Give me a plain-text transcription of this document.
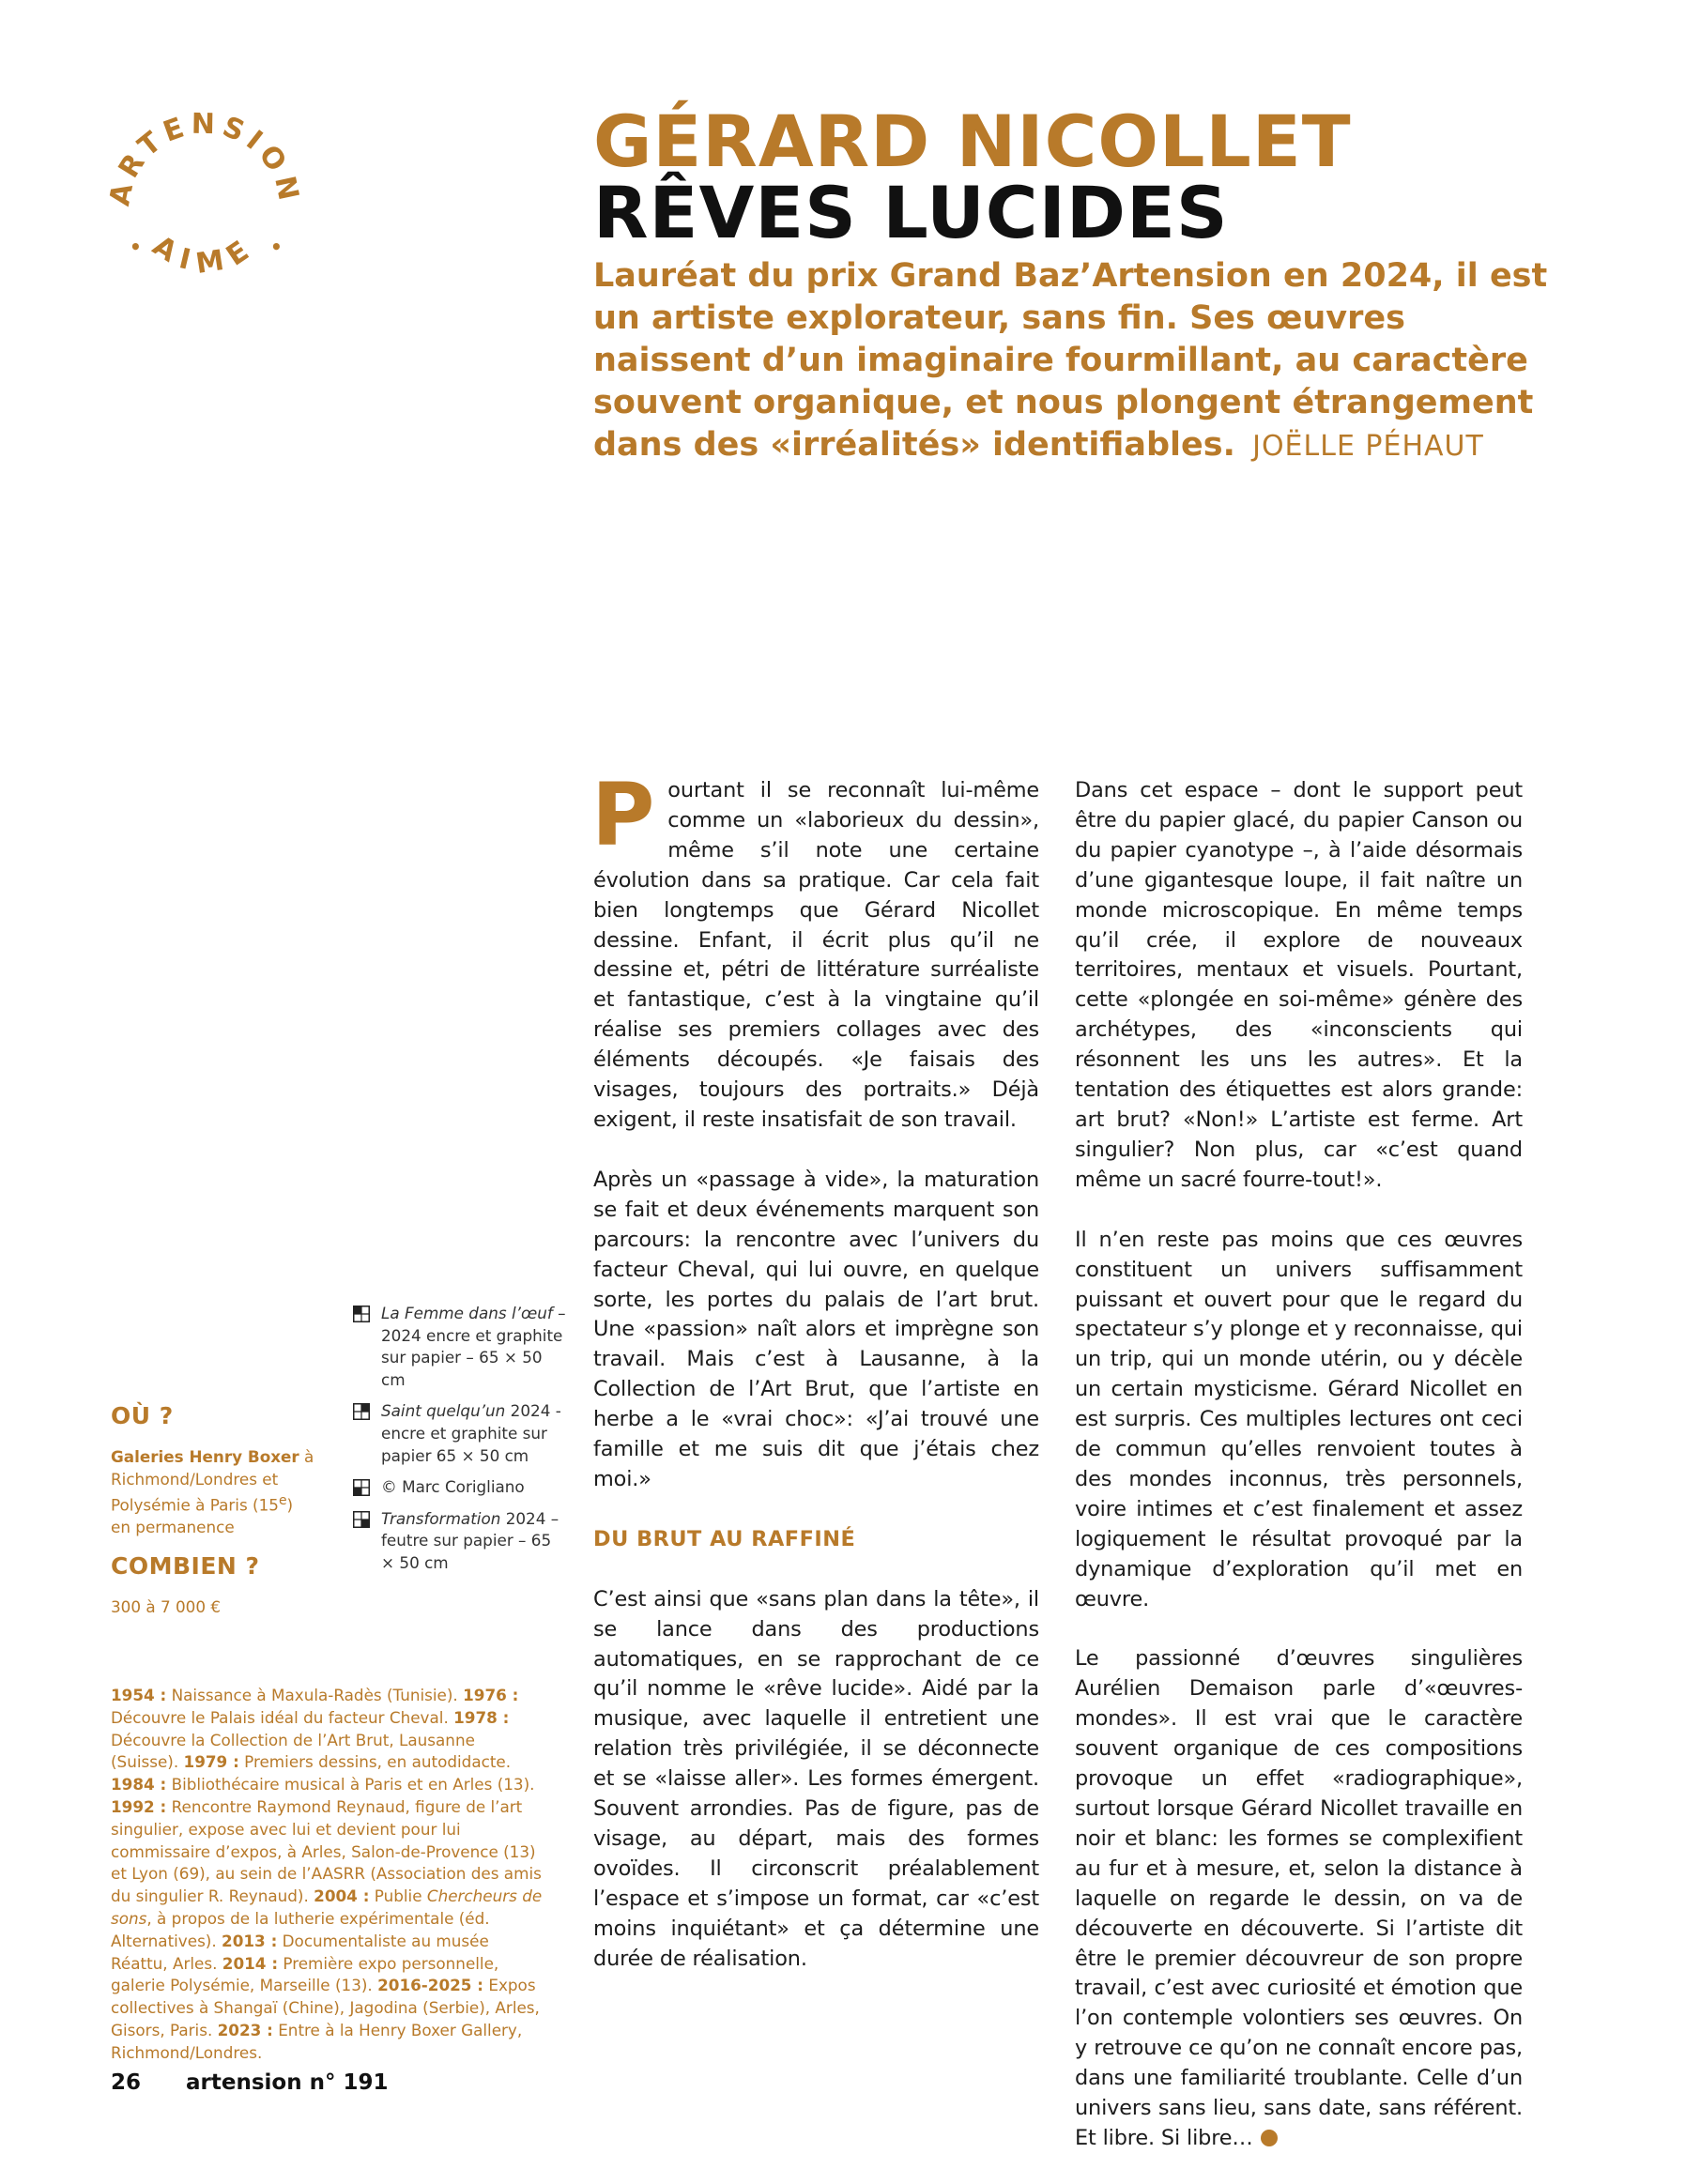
ARTENSION
AIME
•	•
GÉRARD NICOLLET
RÊVES LUCIDES
Lauréat du prix Grand Baz’Artension en 2024, il est un artiste explorateur, sans fin. Ses œuvres naissent d’un imaginaire fourmillant, au caractère souvent organique, et nous plongent étrangement dans des «irréalités» identifiables. JOËLLE PÉHAUT

Pourtant il se reconnaît lui-même comme un «laborieux du dessin», même s’il note une certaine évolution dans sa pratique. Car cela fait bien longtemps que Gérard Nicollet dessine. Enfant, il écrit plus qu’il ne dessine et, pétri de littérature surréaliste et fantastique, c’est à la vingtaine qu’il réalise ses premiers collages avec des éléments découpés. «Je faisais des visages, toujours des portraits.» Déjà exigent, il reste insatisfait de son travail.

Après un «passage à vide», la maturation se fait et deux événements marquent son parcours: la rencontre avec l’univers du facteur Cheval, qui lui ouvre, en quelque sorte, les portes du palais de l’art brut. Une «passion» naît alors et imprègne son travail. Mais c’est à Lausanne, à la Collection de l’Art Brut, que l’artiste en herbe a le «vrai choc»: «J’ai trouvé une famille et me suis dit que j’étais chez moi.»

DU BRUT AU RAFFINÉ

C’est ainsi que «sans plan dans la tête», il se lance dans des productions automatiques, en se rapprochant de ce qu’il nomme le «rêve lucide». Aidé par la musique, avec laquelle il entretient une relation très privilégiée, il se déconnecte et se «laisse aller». Les formes émergent. Souvent arrondies. Pas de figure, pas de visage, au départ, mais des formes ovoïdes. Il circonscrit préalablement l’espace et s’impose un format, car «c’est moins inquiétant» et ça détermine une durée de réalisation.

Dans cet espace – dont le support peut être du papier glacé, du papier Canson ou du papier cyanotype –, à l’aide désormais d’une gigantesque loupe, il fait naître un monde microscopique. En même temps qu’il crée, il explore de nouveaux territoires, mentaux et visuels. Pourtant, cette «plongée en soi-même» génère des archétypes, des «inconscients qui résonnent les uns les autres». Et la tentation des étiquettes est alors grande: art brut? «Non!» L’artiste est ferme. Art singulier? Non plus, car «c’est quand même un sacré fourre-tout!».

Il n’en reste pas moins que ces œuvres constituent un univers suffisamment puissant et ouvert pour que le regard du spectateur s’y plonge et y reconnaisse, qui un trip, qui un monde utérin, ou y décèle un certain mysticisme. Gérard Nicollet en est surpris. Ces multiples lectures ont ceci de commun qu’elles renvoient toutes à des mondes inconnus, très personnels, voire intimes et c’est finalement et assez logiquement le résultat provoqué par la dynamique d’exploration qu’il met en œuvre.

Le passionné d’œuvres singulières Aurélien Demaison parle d’«œuvres-mondes». Il est vrai que le caractère souvent organique de ces compositions provoque un effet «radiographique», surtout lorsque Gérard Nicollet travaille en noir et blanc: les formes se complexifient au fur et à mesure, et, selon la distance à laquelle on regarde le dessin, on va de découverte en découverte. Si l’artiste dit être le premier découvreur de son propre travail, c’est avec curiosité et émotion que l’on contemple volontiers ses œuvres. On y retrouve ce qu’on ne connaît encore pas, dans une familiarité troublante. Celle d’un univers sans lieu, sans date, sans référent. Et libre. Si libre…

OÙ ?
Galeries Henry Boxer à Richmond/Londres et Polysémie à Paris (15e)
en permanence
COMBIEN ?
300 à 7 000 €
La Femme dans l’œuf – 2024 encre et graphite sur papier – 65 × 50 cm
Saint quelqu’un 2024 - encre et graphite sur papier 65 × 50 cm
© Marc Corigliano
Transformation 2024 – feutre sur papier – 65 × 50 cm
1954 : Naissance à Maxula-Radès (Tunisie). 1976 : Découvre le Palais idéal du facteur Cheval. 1978 : Découvre la Collection de l’Art Brut, Lausanne (Suisse). 1979 : Premiers dessins, en autodidacte. 1984 : Bibliothécaire musical à Paris et en Arles (13). 1992 : Rencontre Raymond Reynaud, figure de l’art singulier, expose avec lui et devient pour lui commissaire d’expos, à Arles, Salon-de-Provence (13) et Lyon (69), au sein de l’AASRR (Association des amis du singulier R. Reynaud). 2004 : Publie Chercheurs de sons, à propos de la lutherie expérimentale (éd. Alternatives). 2013 : Documentaliste au musée Réattu, Arles. 2014 : Première expo personnelle, galerie Polysémie, Marseille (13). 2016-2025 : Expos collectives à Shangaï (Chine), Jagodina (Serbie), Arles, Gisors, Paris. 2023 : Entre à la Henry Boxer Gallery, Richmond/Londres.
26 artension n° 191
